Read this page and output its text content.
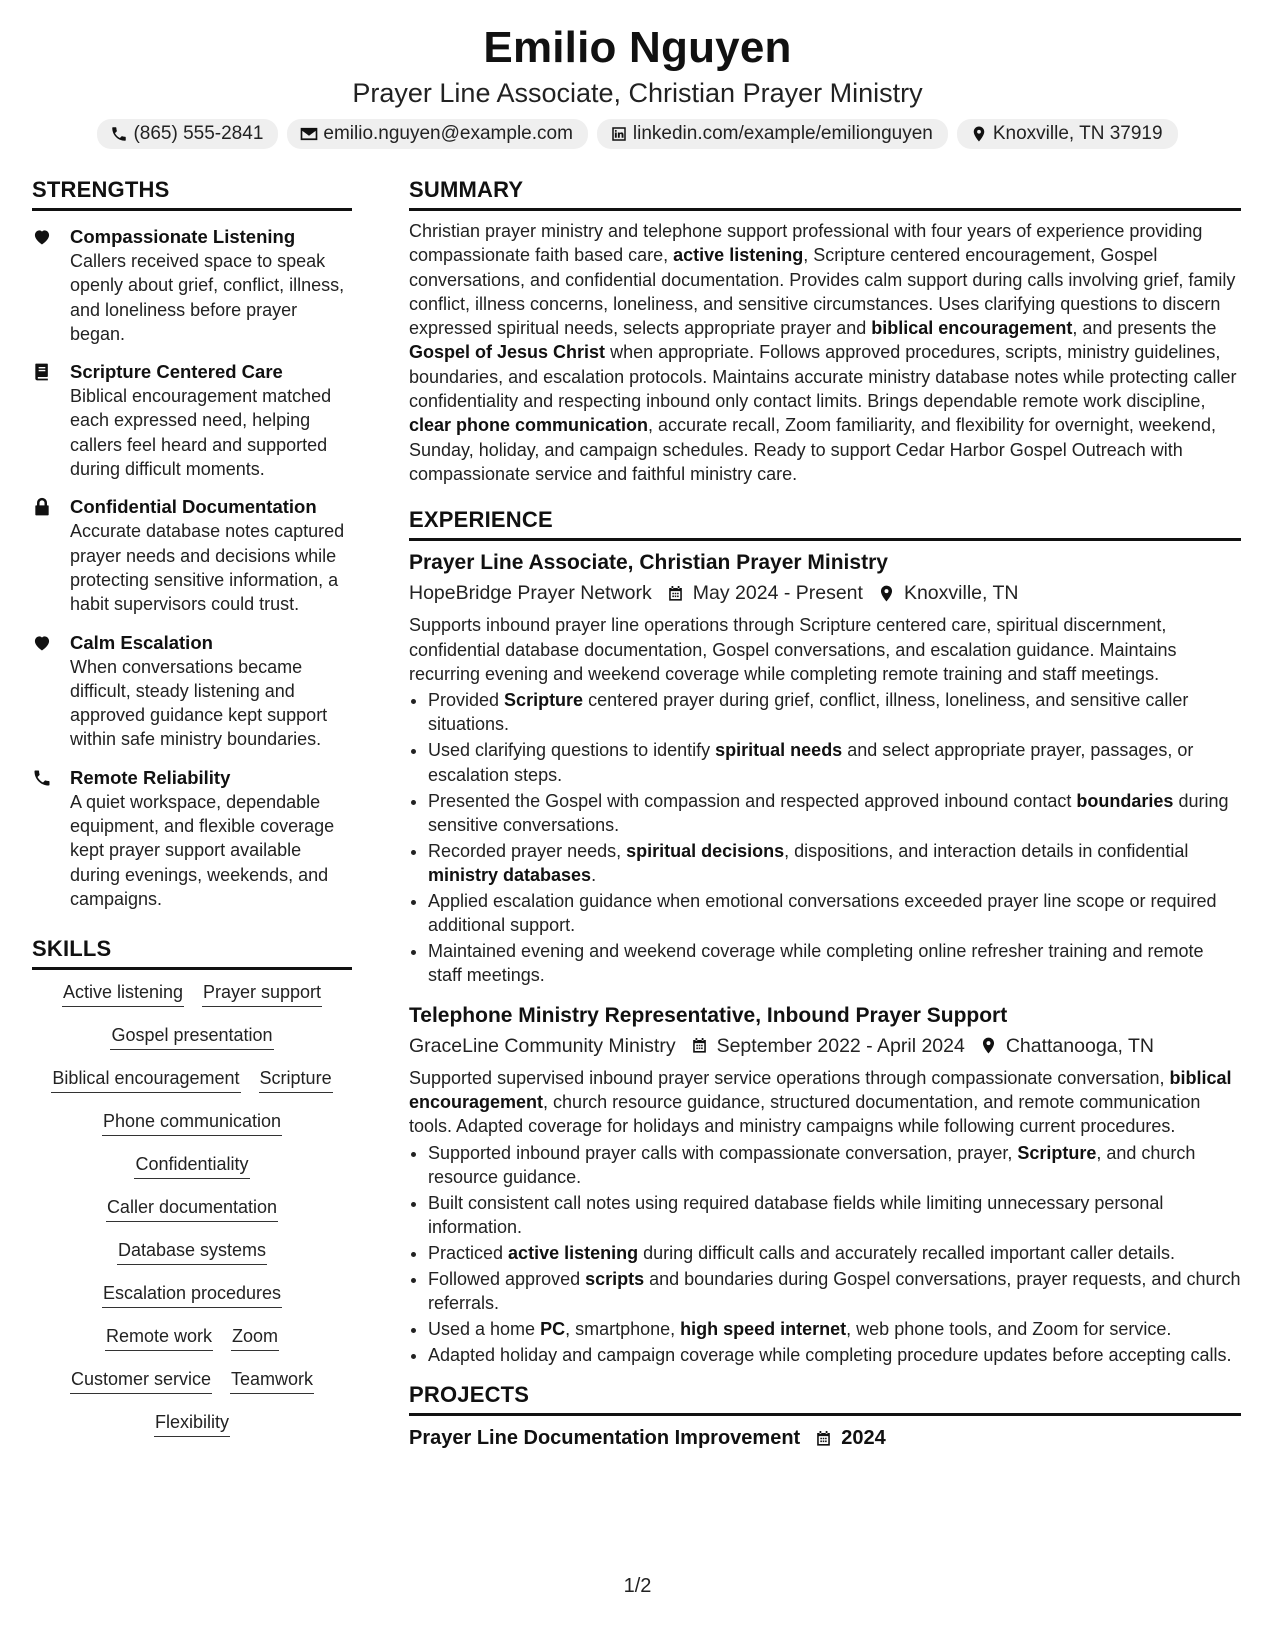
Emilio Nguyen
Prayer Line Associate, Christian Prayer Ministry
(865) 555-2841	emilio.nguyen@example.com	linkedin.com/example/emilionguyen	Knoxville, TN 37919
STRENGTHS
Compassionate Listening
Callers received space to speak openly about grief, conflict, illness, and loneliness before prayer began.
Scripture Centered Care
Biblical encouragement matched each expressed need, helping callers feel heard and supported during difficult moments.
Confidential Documentation
Accurate database notes captured prayer needs and decisions while protecting sensitive information, a habit supervisors could trust.
Calm Escalation
When conversations became difficult, steady listening and approved guidance kept support within safe ministry boundaries.
Remote Reliability
A quiet workspace, dependable equipment, and flexible coverage kept prayer support available during evenings, weekends, and campaigns.
SKILLS
Active listening Prayer support
Gospel presentation
Biblical encouragement Scripture
Phone communication
Confidentiality
Caller documentation
Database systems
Escalation procedures
Remote work Zoom
Customer service Teamwork
Flexibility
SUMMARY
Christian prayer ministry and telephone support professional with four years of experience providing compassionate faith based care, active listening, Scripture centered encouragement, Gospel conversations, and confidential documentation. Provides calm support during calls involving grief, family conflict, illness concerns, loneliness, and sensitive circumstances. Uses clarifying questions to discern expressed spiritual needs, selects appropriate prayer and biblical encouragement, and presents the Gospel of Jesus Christ when appropriate. Follows approved procedures, scripts, ministry guidelines, boundaries, and escalation protocols. Maintains accurate ministry database notes while protecting caller confidentiality and respecting inbound only contact limits. Brings dependable remote work discipline, clear phone communication, accurate recall, Zoom familiarity, and flexibility for overnight, weekend, Sunday, holiday, and campaign schedules. Ready to support Cedar Harbor Gospel Outreach with compassionate service and faithful ministry care.
EXPERIENCE
Prayer Line Associate, Christian Prayer Ministry
HopeBridge Prayer Network May 2024 - Present Knoxville, TN
Supports inbound prayer line operations through Scripture centered care, spiritual discernment, confidential database documentation, Gospel conversations, and escalation guidance. Maintains recurring evening and weekend coverage while completing remote training and staff meetings.
• Provided Scripture centered prayer during grief, conflict, illness, loneliness, and sensitive caller situations.
• Used clarifying questions to identify spiritual needs and select appropriate prayer, passages, or escalation steps.
• Presented the Gospel with compassion and respected approved inbound contact boundaries during sensitive conversations.
• Recorded prayer needs, spiritual decisions, dispositions, and interaction details in confidential ministry databases.
• Applied escalation guidance when emotional conversations exceeded prayer line scope or required additional support.
• Maintained evening and weekend coverage while completing online refresher training and remote staff meetings.
Telephone Ministry Representative, Inbound Prayer Support
GraceLine Community Ministry September 2022 - April 2024 Chattanooga, TN
Supported supervised inbound prayer service operations through compassionate conversation, biblical encouragement, church resource guidance, structured documentation, and remote communication tools. Adapted coverage for holidays and ministry campaigns while following current procedures.
• Supported inbound prayer calls with compassionate conversation, prayer, Scripture, and church resource guidance.
• Built consistent call notes using required database fields while limiting unnecessary personal information.
• Practiced active listening during difficult calls and accurately recalled important caller details.
• Followed approved scripts and boundaries during Gospel conversations, prayer requests, and church referrals.
• Used a home PC, smartphone, high speed internet, web phone tools, and Zoom for service.
• Adapted holiday and campaign coverage while completing procedure updates before accepting calls.
PROJECTS
Prayer Line Documentation Improvement 2024
1/2
